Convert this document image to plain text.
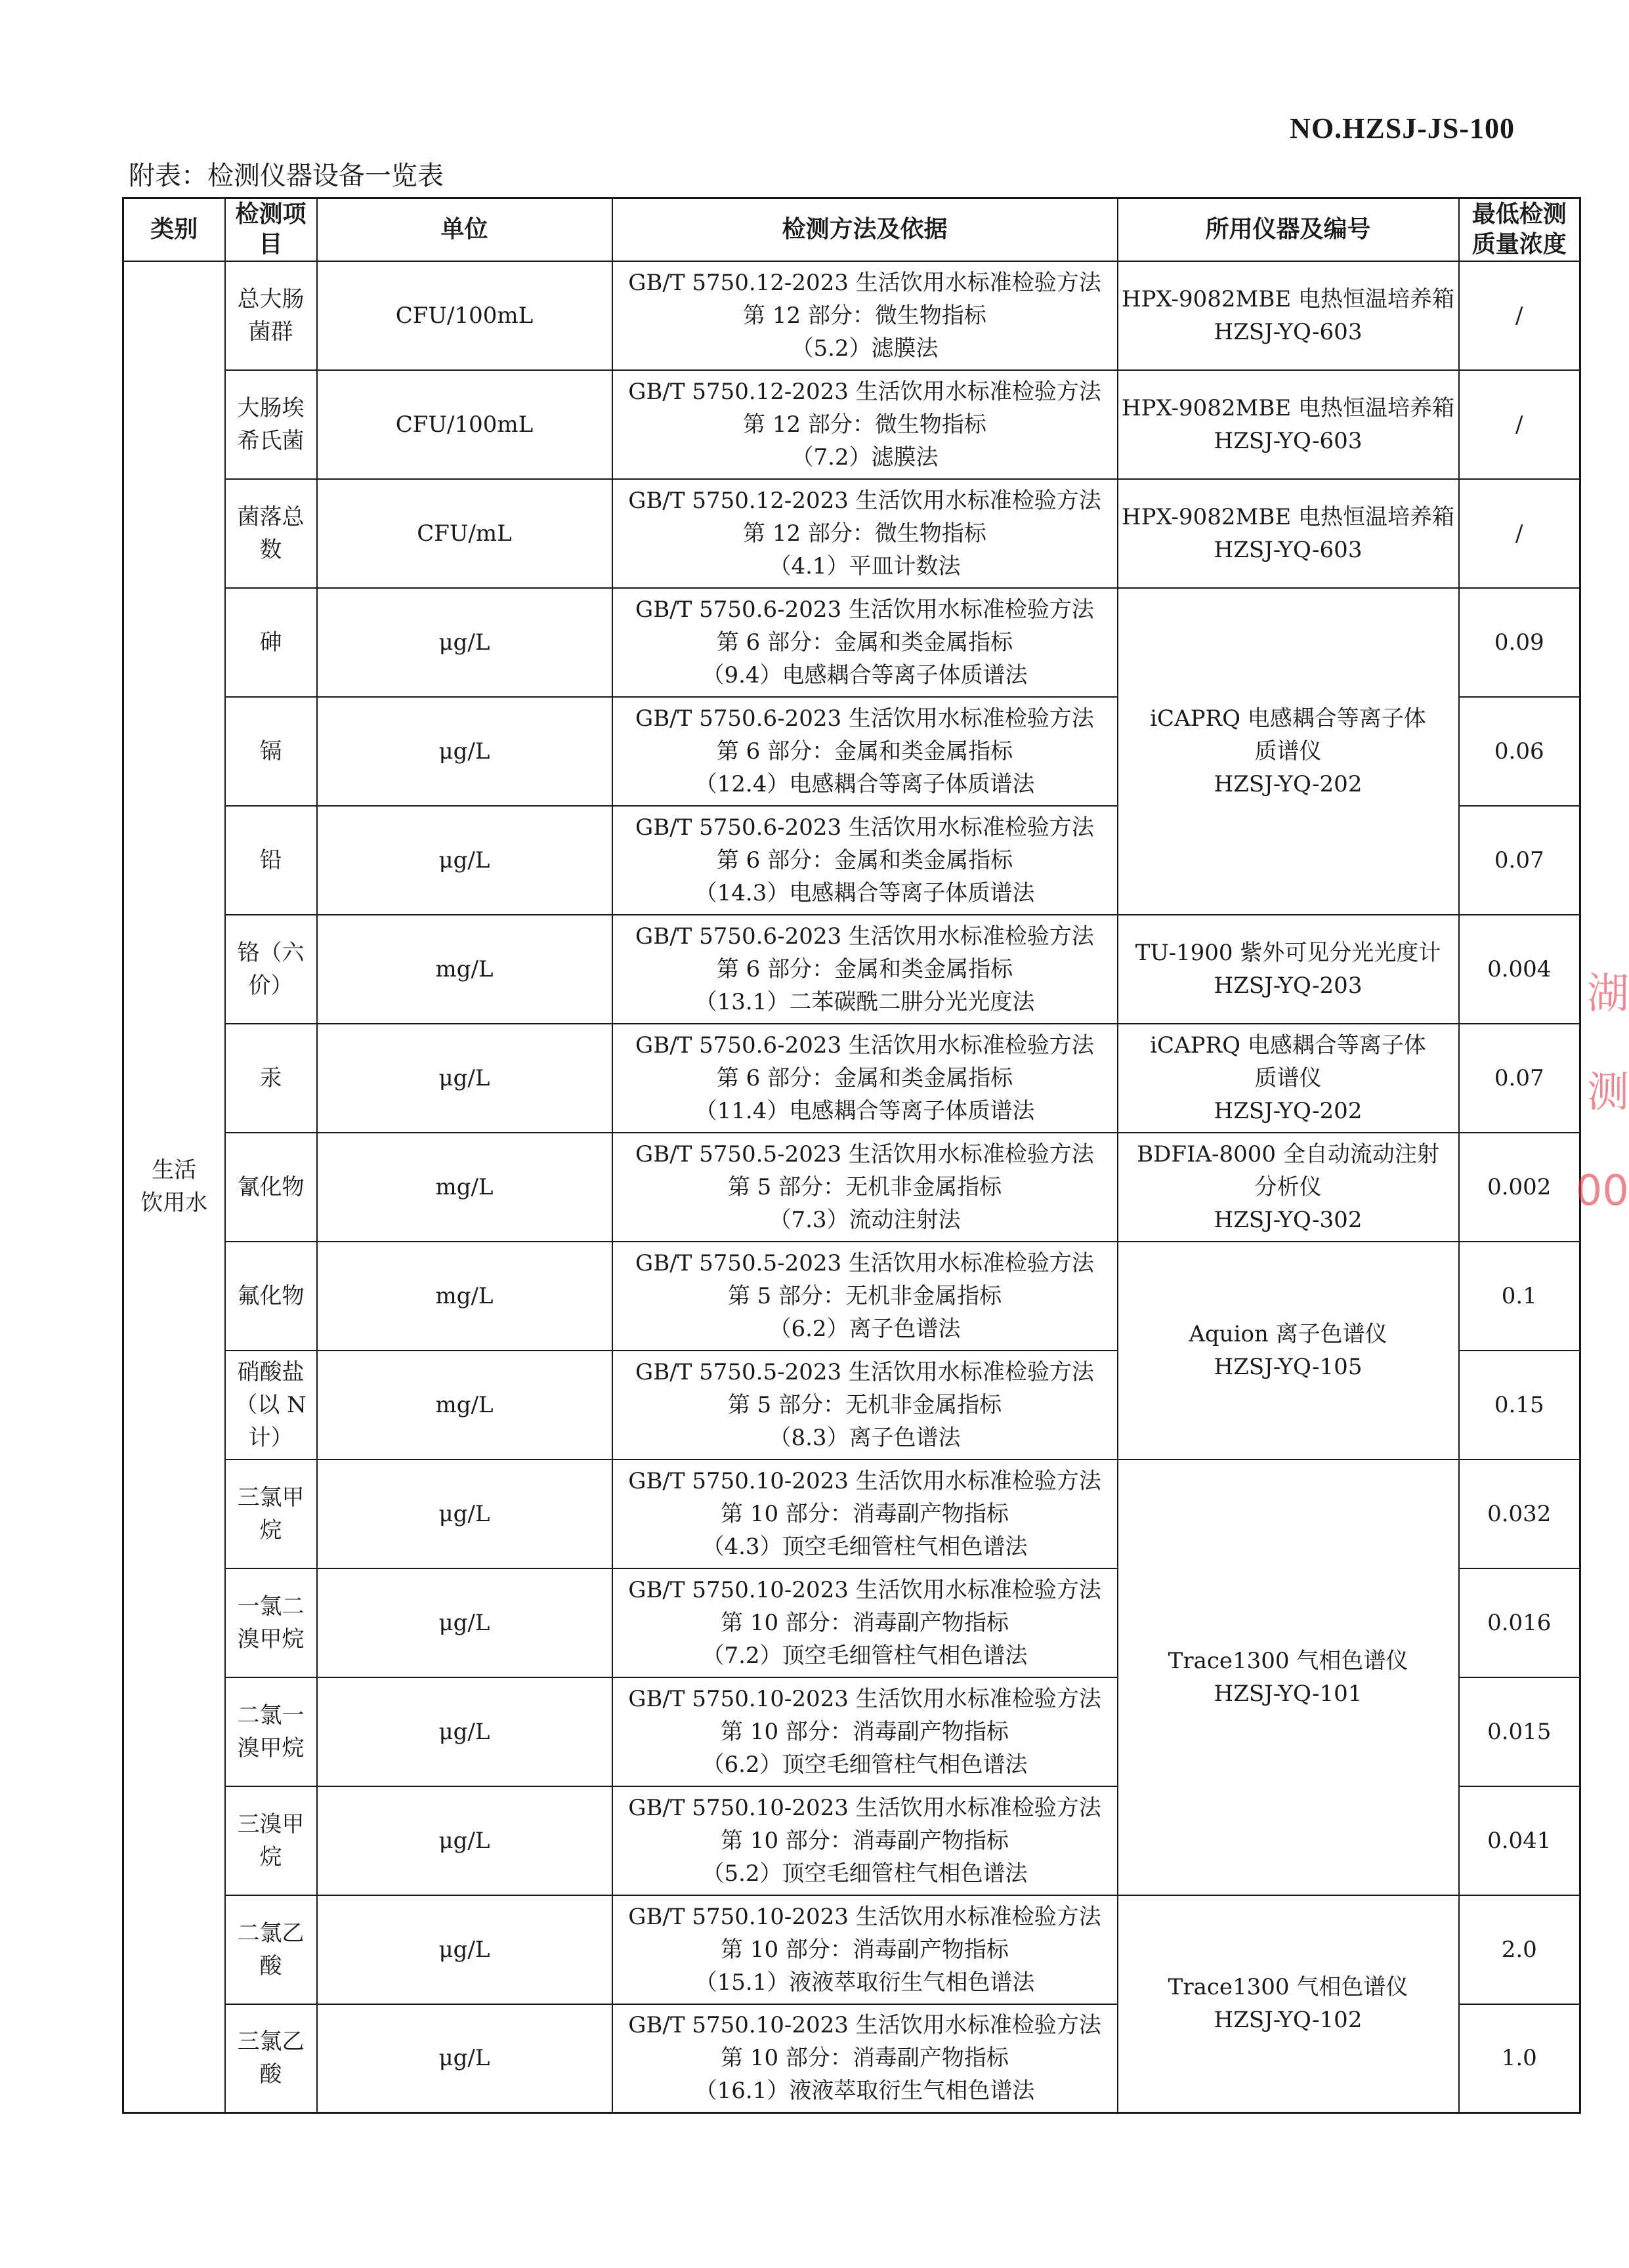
NO.HZSJ-JS-100
附表：检测仪器设备一览表
类别	检测项目	单位	检测方法及依据	所用仪器及编号	最低检测
质量浓度

生活
饮用水	总大肠菌群	CFU/100mL	GB/T 5750.12-2023 生活饮用水标准检验方法
第 12 部分：微生物指标
（5.2）滤膜法	HPX-9082MBE 电热恒温培养箱
HZSJ-YQ-603	/

	大肠埃希氏菌	CFU/100mL	GB/T 5750.12-2023 生活饮用水标准检验方法
第 12 部分：微生物指标
（7.2）滤膜法	HPX-9082MBE 电热恒温培养箱
HZSJ-YQ-603	/

	菌落总数	CFU/mL	GB/T 5750.12-2023 生活饮用水标准检验方法
第 12 部分：微生物指标
（4.1）平皿计数法	HPX-9082MBE 电热恒温培养箱
HZSJ-YQ-603	/

	砷	μg/L	GB/T 5750.6-2023 生活饮用水标准检验方法
第 6 部分：金属和类金属指标
（9.4）电感耦合等离子体质谱法	iCAPRQ 电感耦合等离子体
质谱仪
HZSJ-YQ-202	0.09

	镉	μg/L	GB/T 5750.6-2023 生活饮用水标准检验方法
第 6 部分：金属和类金属指标
（12.4）电感耦合等离子体质谱法		0.06

	铅	μg/L	GB/T 5750.6-2023 生活饮用水标准检验方法
第 6 部分：金属和类金属指标
（14.3）电感耦合等离子体质谱法		0.07

	铬（六价）	mg/L	GB/T 5750.6-2023 生活饮用水标准检验方法
第 6 部分：金属和类金属指标
（13.1）二苯碳酰二肼分光光度法	TU-1900 紫外可见分光光度计
HZSJ-YQ-203	0.004

	汞	μg/L	GB/T 5750.6-2023 生活饮用水标准检验方法
第 6 部分：金属和类金属指标
（11.4）电感耦合等离子体质谱法	iCAPRQ 电感耦合等离子体
质谱仪
HZSJ-YQ-202	0.07

	氰化物	mg/L	GB/T 5750.5-2023 生活饮用水标准检验方法
第 5 部分：无机非金属指标
（7.3）流动注射法	BDFIA-8000 全自动流动注射
分析仪
HZSJ-YQ-302	0.002

	氟化物	mg/L	GB/T 5750.5-2023 生活饮用水标准检验方法
第 5 部分：无机非金属指标
（6.2）离子色谱法	Aquion 离子色谱仪
HZSJ-YQ-105	0.1

	硝酸盐
（以 N 计）	mg/L	GB/T 5750.5-2023 生活饮用水标准检验方法
第 5 部分：无机非金属指标
（8.3）离子色谱法		0.15

	三氯甲烷	μg/L	GB/T 5750.10-2023 生活饮用水标准检验方法
第 10 部分：消毒副产物指标
（4.3）顶空毛细管柱气相色谱法	Trace1300 气相色谱仪
HZSJ-YQ-101	0.032

	一氯二溴甲烷	μg/L	GB/T 5750.10-2023 生活饮用水标准检验方法
第 10 部分：消毒副产物指标
（7.2）顶空毛细管柱气相色谱法		0.016

	二氯一溴甲烷	μg/L	GB/T 5750.10-2023 生活饮用水标准检验方法
第 10 部分：消毒副产物指标
（6.2）顶空毛细管柱气相色谱法		0.015

	三溴甲烷	μg/L	GB/T 5750.10-2023 生活饮用水标准检验方法
第 10 部分：消毒副产物指标
（5.2）顶空毛细管柱气相色谱法		0.041

	二氯乙酸	μg/L	GB/T 5750.10-2023 生活饮用水标准检验方法
第 10 部分：消毒副产物指标
（15.1）液液萃取衍生气相色谱法	Trace1300 气相色谱仪
HZSJ-YQ-102	2.0

	三氯乙酸	μg/L	GB/T 5750.10-2023 生活饮用水标准检验方法
第 10 部分：消毒副产物指标
（16.1）液液萃取衍生气相色谱法		1.0
湖
测
00
